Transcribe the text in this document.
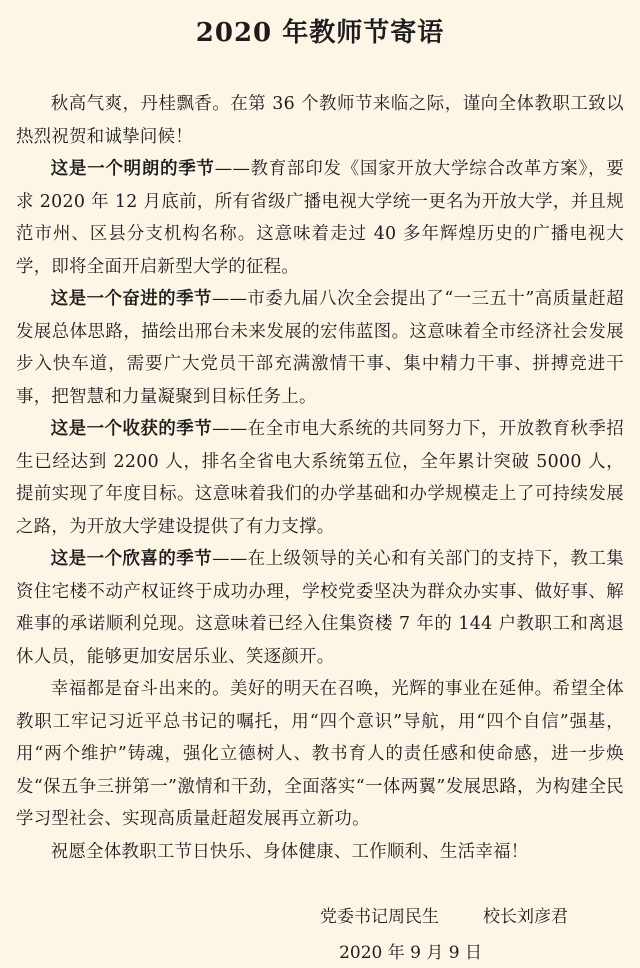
2020 年教师节寄语

秋高气爽，丹桂飘香。在第 36 个教师节来临之际，谨向全体教职工致以热烈祝贺和诚挚问候！

这是一个明朗的季节——教育部印发《国家开放大学综合改革方案》，要求 2020 年 12 月底前，所有省级广播电视大学统一更名为开放大学，并且规范市州、区县分支机构名称。这意味着走过 40 多年辉煌历史的广播电视大学，即将全面开启新型大学的征程。

这是一个奋进的季节——市委九届八次全会提出了“一三五十”高质量赶超发展总体思路，描绘出邢台未来发展的宏伟蓝图。这意味着全市经济社会发展步入快车道，需要广大党员干部充满激情干事、集中精力干事、拼搏竞进干事，把智慧和力量凝聚到目标任务上。

这是一个收获的季节——在全市电大系统的共同努力下，开放教育秋季招生已经达到 2200 人，排名全省电大系统第五位，全年累计突破 5000 人，提前实现了年度目标。这意味着我们的办学基础和办学规模走上了可持续发展之路，为开放大学建设提供了有力支撑。

这是一个欣喜的季节——在上级领导的关心和有关部门的支持下，教工集资住宅楼不动产权证终于成功办理，学校党委坚决为群众办实事、做好事、解难事的承诺顺利兑现。这意味着已经入住集资楼 7 年的 144 户教职工和离退休人员，能够更加安居乐业、笑逐颜开。

幸福都是奋斗出来的。美好的明天在召唤，光辉的事业在延伸。希望全体教职工牢记习近平总书记的嘱托，用“四个意识”导航，用“四个自信”强基，用“两个维护”铸魂，强化立德树人、教书育人的责任感和使命感，进一步焕发“保五争三拼第一”激情和干劲，全面落实“一体两翼”发展思路，为构建全民学习型社会、实现高质量赶超发展再立新功。

祝愿全体教职工节日快乐、身体健康、工作顺利、生活幸福！

党委书记周民生	校长刘彦君
2020 年 9 月 9 日
